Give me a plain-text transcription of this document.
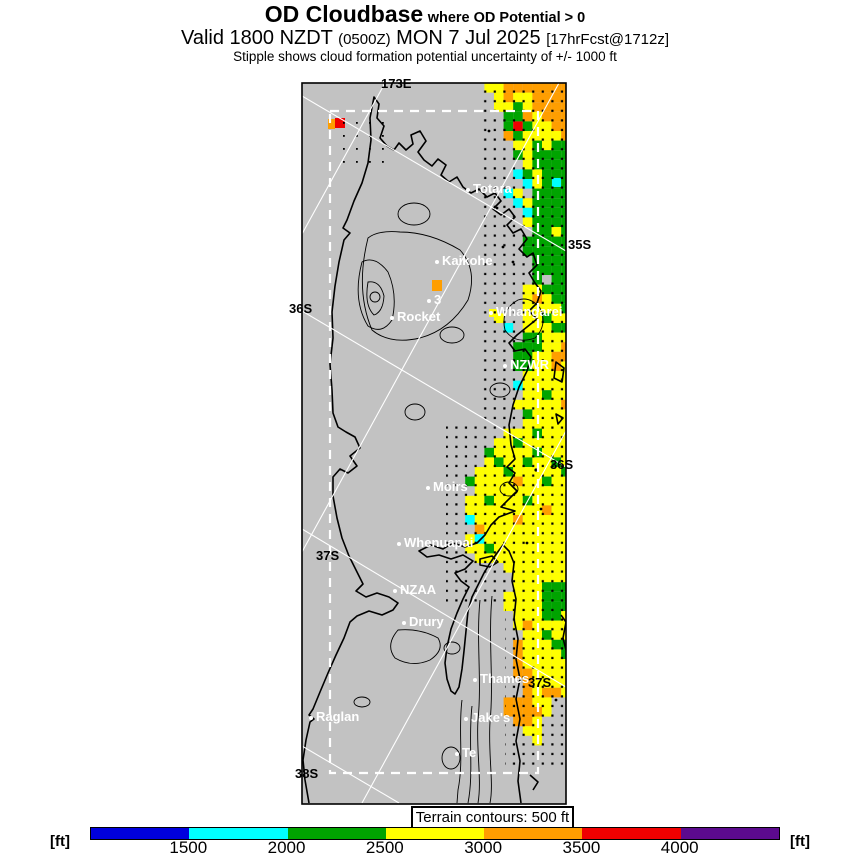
OD Cloudbase where OD Potential > 0
Valid 1800 NZDT (0500Z) MON 7 Jul 2025 [17hrFcst@1712z]
Stipple shows cloud formation potential uncertainty of +/- 1000 ft
173E
35S
36S
36S
37S
37S
38S
Totara
Kaikohe
3
Rocket	Whangarei
NZWR
Moirs
Whenuapai
NZAA
Drury
Thames
Jake's
Te
Raglan
Terrain contours: 500 ft
[ft]	[ft]
1500	2000	2500	3000	3500	4000
